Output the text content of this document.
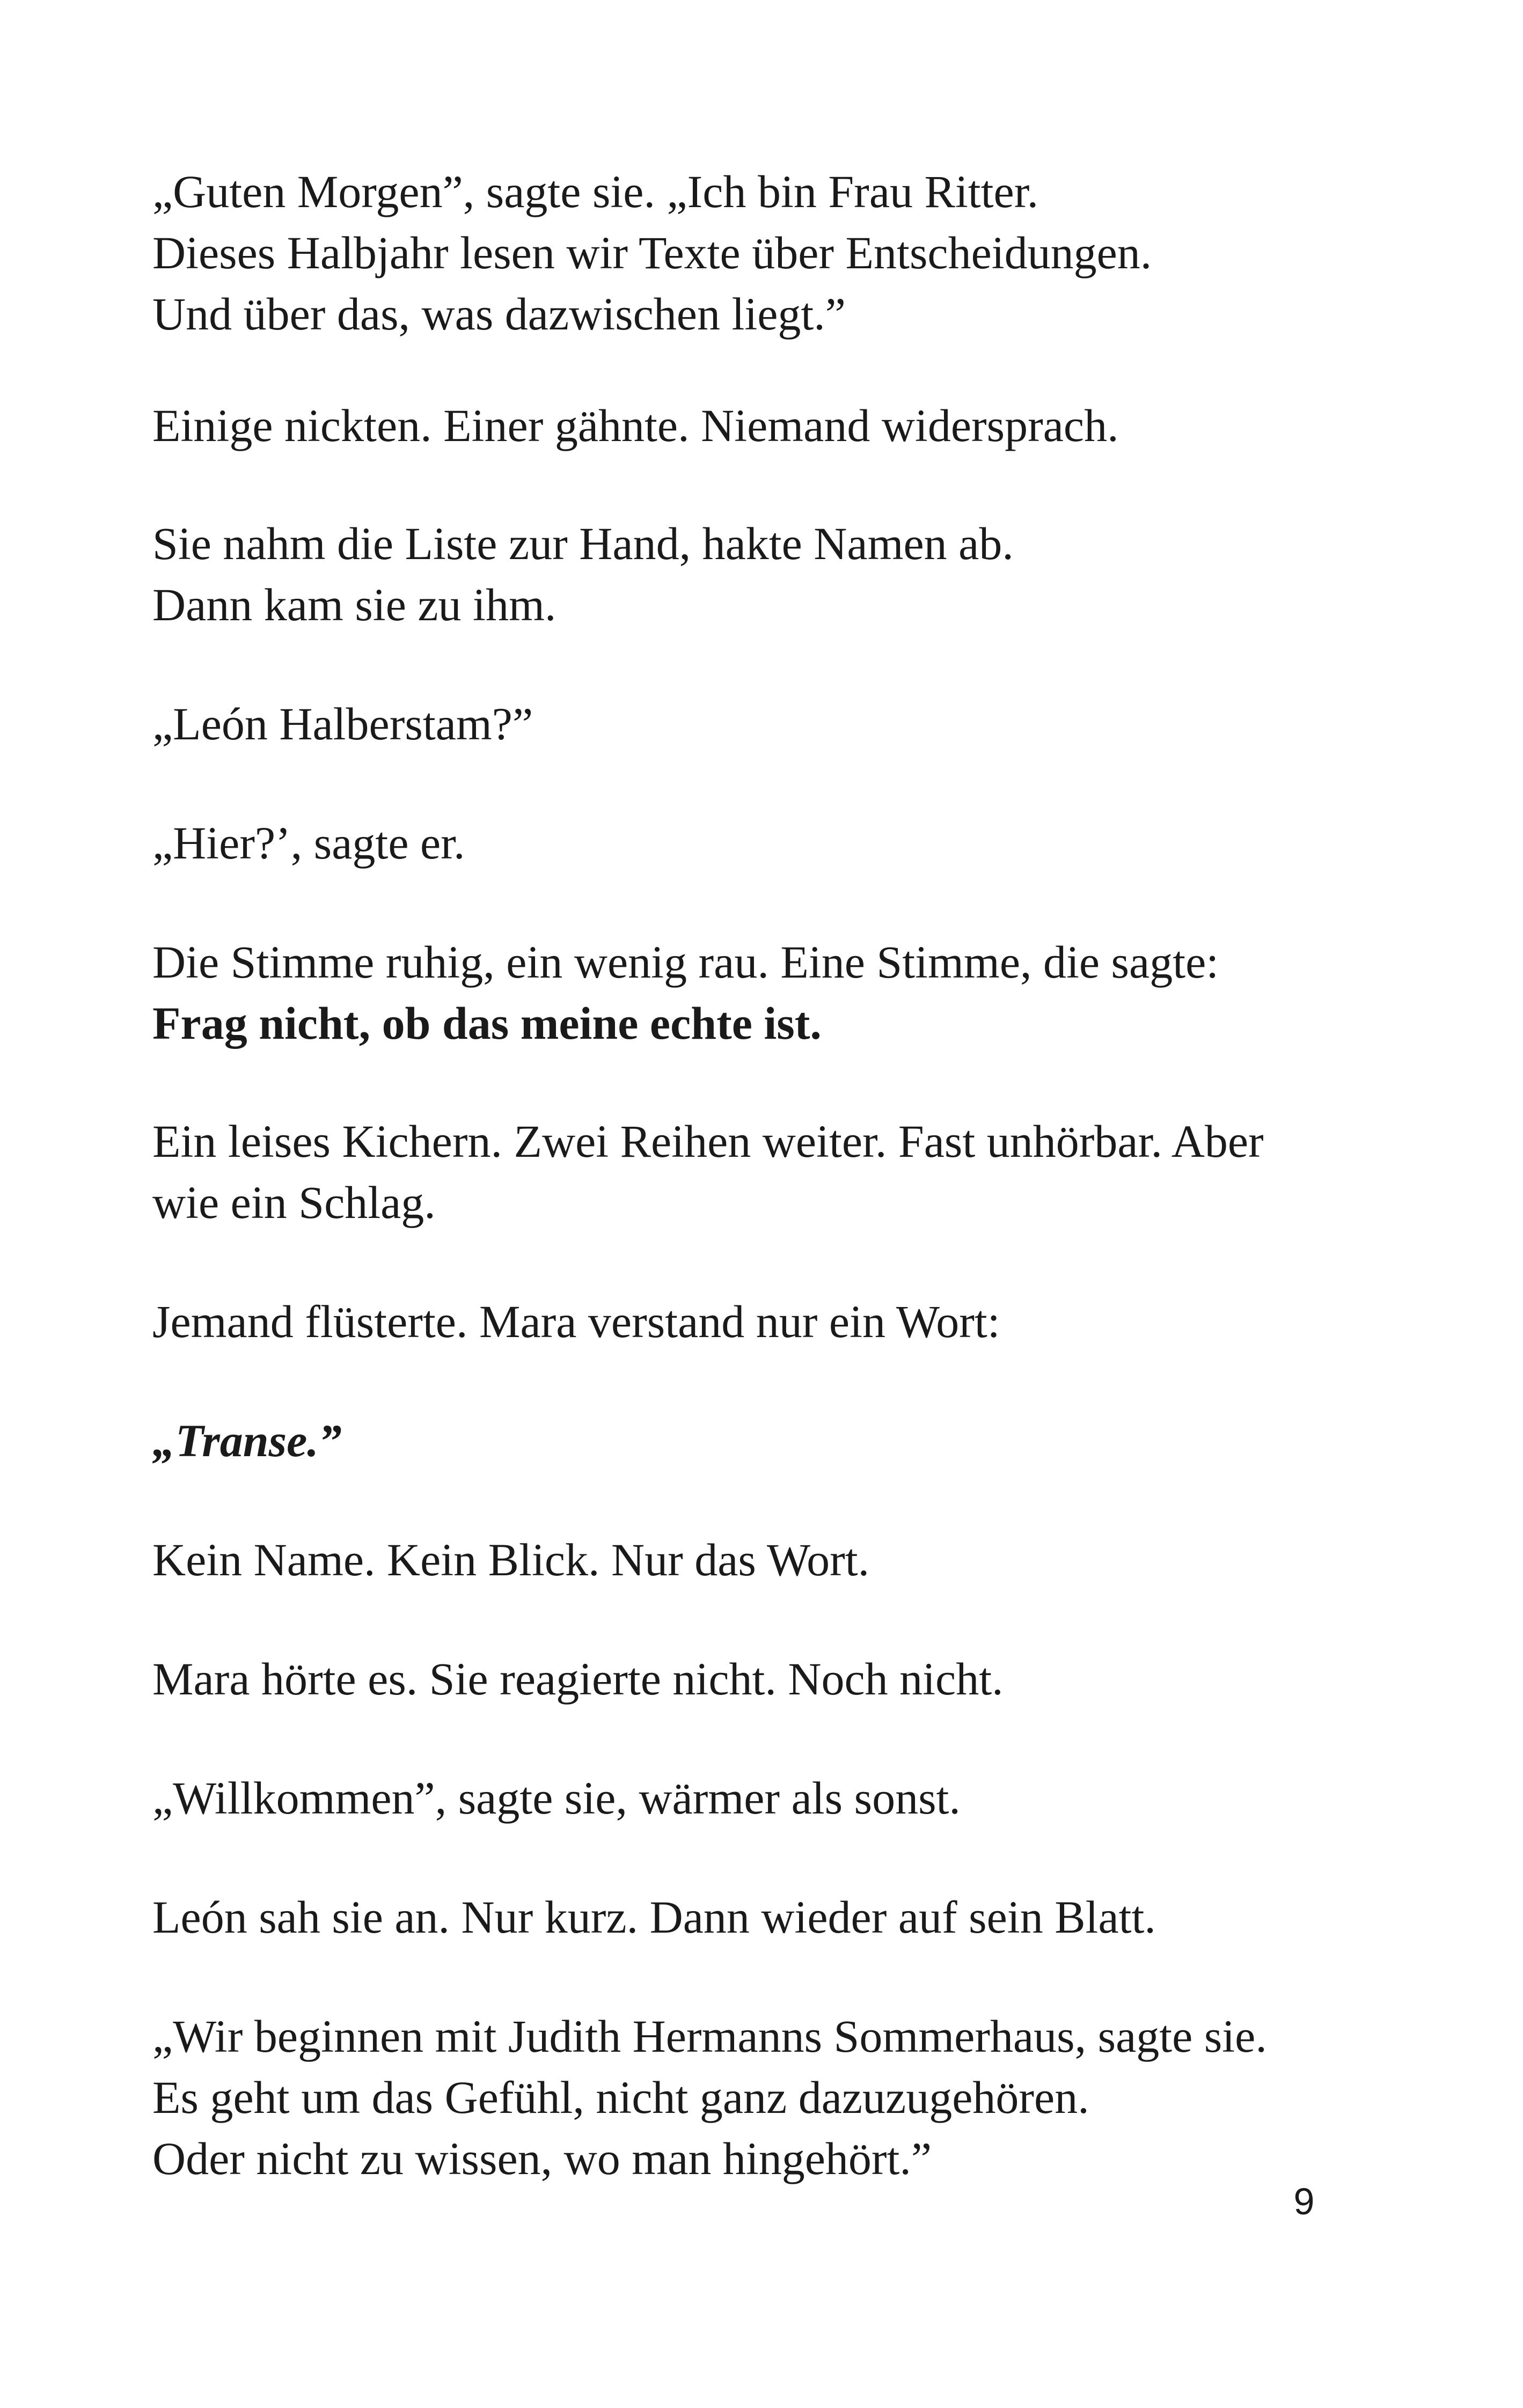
„Guten Morgen”, sagte sie. „Ich bin Frau Ritter.
Dieses Halbjahr lesen wir Texte über Entscheidungen.
Und über das, was dazwischen liegt.”

Einige nickten. Einer gähnte. Niemand widersprach.

Sie nahm die Liste zur Hand, hakte Namen ab.
Dann kam sie zu ihm.

„León Halberstam?”

„Hier?’, sagte er.

Die Stimme ruhig, ein wenig rau. Eine Stimme, die sagte:

Frag nicht, ob das meine echte ist.

Ein leises Kichern. Zwei Reihen weiter. Fast unhörbar. Aber
wie ein Schlag.

Jemand flüsterte. Mara verstand nur ein Wort:

„Transe.”

Kein Name. Kein Blick. Nur das Wort.

Mara hörte es. Sie reagierte nicht. Noch nicht.

„Willkommen”, sagte sie, wärmer als sonst.

León sah sie an. Nur kurz. Dann wieder auf sein Blatt.

„Wir beginnen mit Judith Hermanns Sommerhaus, sagte sie.
Es geht um das Gefühl, nicht ganz dazuzugehören.
Oder nicht zu wissen, wo man hingehört.”

9
